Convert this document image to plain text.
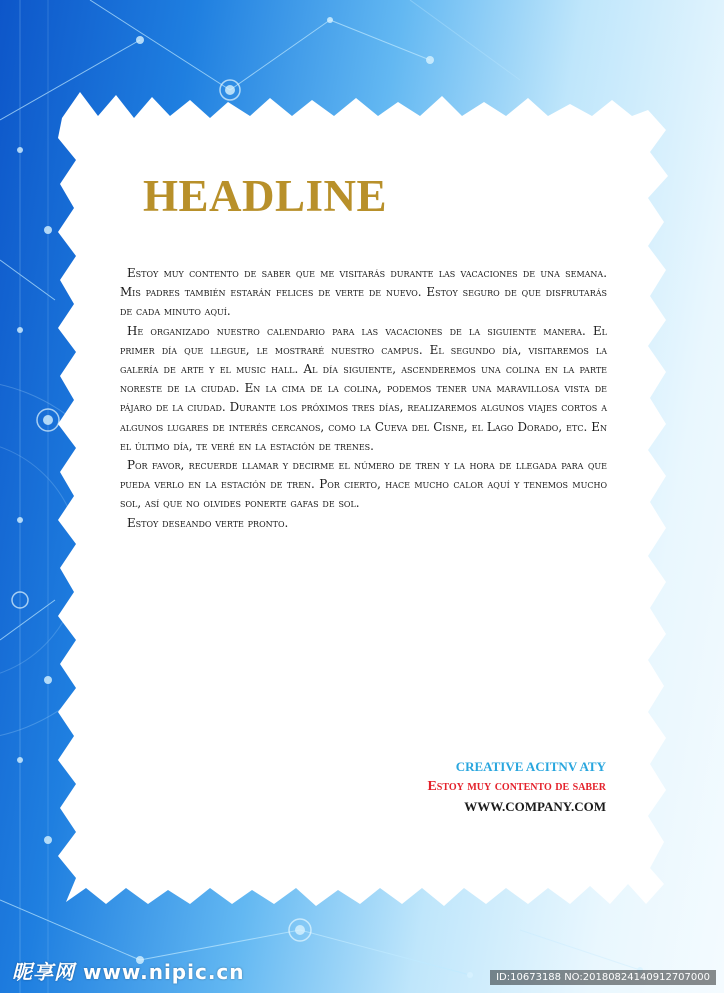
HEADLINE

Estoy muy contento de saber que me visitarás durante las vacaciones de una semana. Mis padres también estarán felices de verte de nuevo. Estoy seguro de que disfrutarás de cada minuto aquí.

He organizado nuestro calendario para las vacaciones de la siguiente manera. El primer día que llegue, le mostraré nuestro campus. El segundo día, visitaremos la galería de arte y el music hall. Al día siguiente, ascenderemos una colina en la parte noreste de la ciudad. En la cima de la colina, podemos tener una maravillosa vista de pájaro de la ciudad. Durante los próximos tres días, realizaremos algunos viajes cortos a algunos lugares de interés cercanos, como la Cueva del Cisne, el Lago Dorado, etc. En el último día, te veré en la estación de trenes.

Por favor, recuerde llamar y decirme el número de tren y la hora de llegada para que pueda verlo en la estación de tren. Por cierto, hace mucho calor aquí y tenemos mucho sol, así que no olvides ponerte gafas de sol.

Estoy deseando verte pronto.

CREATIVE ACITNV ATY
Estoy muy contento de saber
WWW.COMPANY.COM
昵享网 www.nipic.cn	ID:10673188 NO:20180824140912707000
